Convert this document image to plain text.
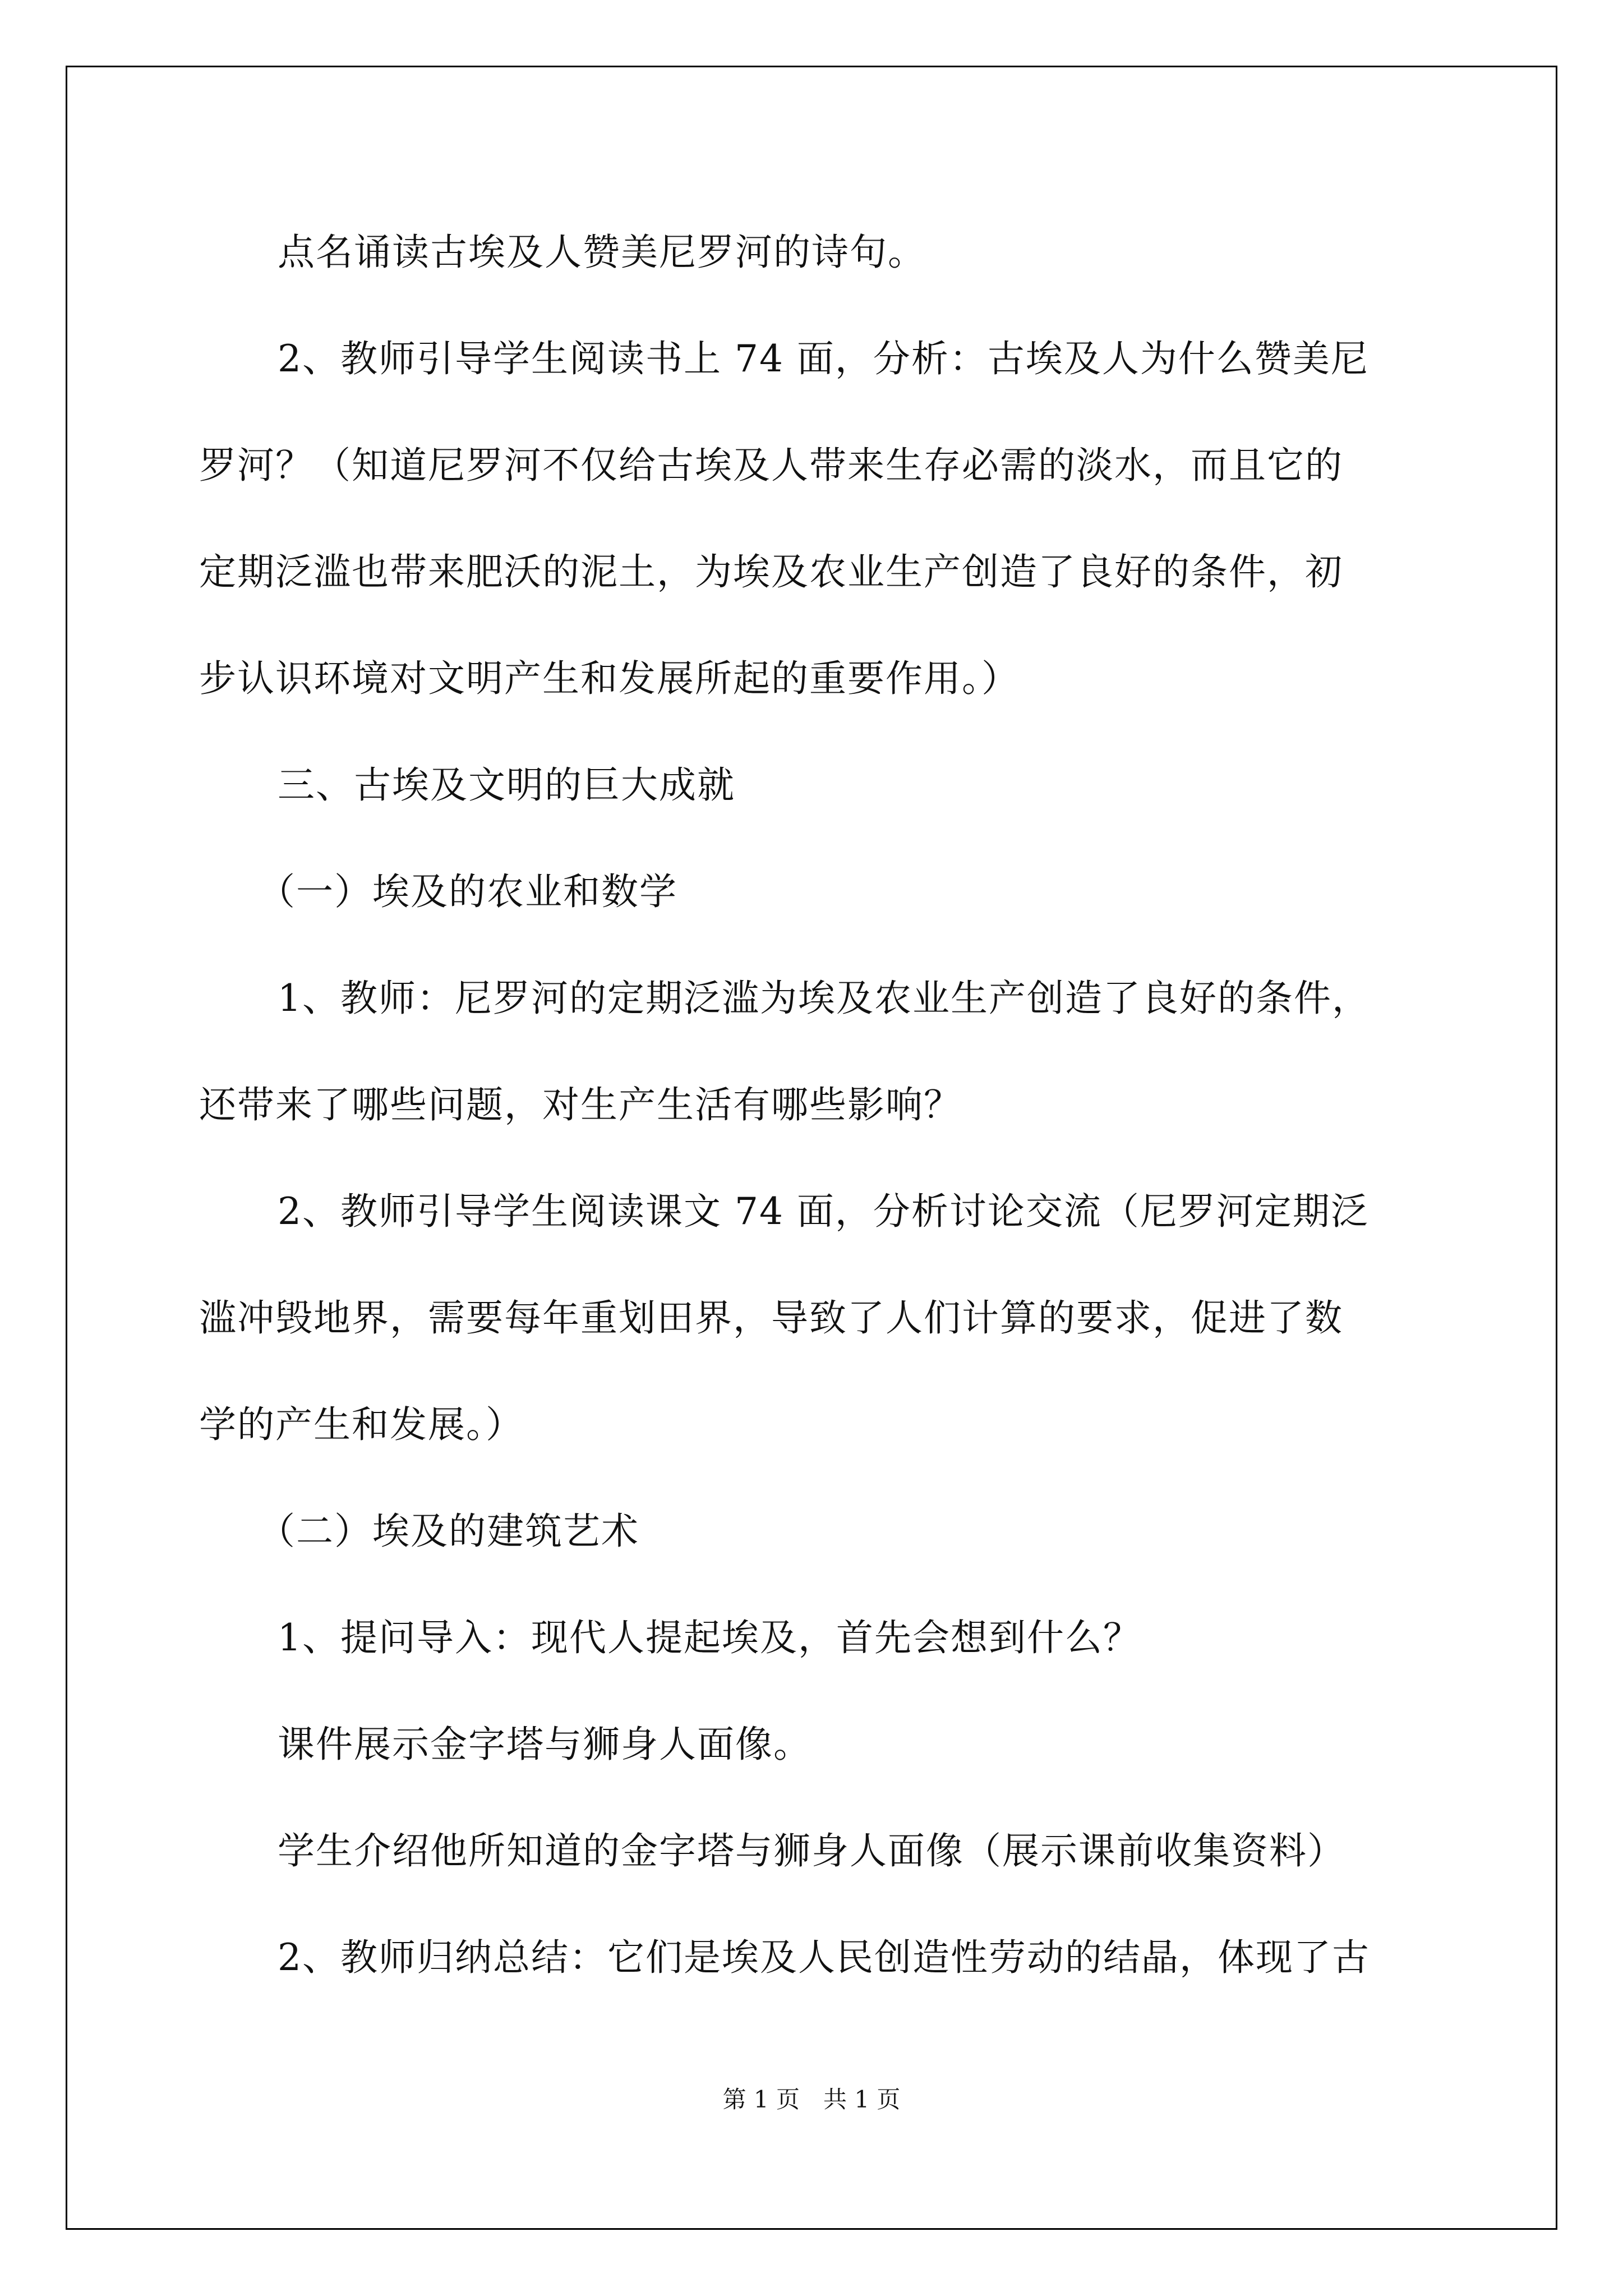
点名诵读古埃及人赞美尼罗河的诗句。
2、教师引导学生阅读书上 74 面，分析：古埃及人为什么赞美尼
罗河？（知道尼罗河不仅给古埃及人带来生存必需的淡水，而且它的
定期泛滥也带来肥沃的泥土，为埃及农业生产创造了良好的条件，初
步认识环境对文明产生和发展所起的重要作用。）
三、古埃及文明的巨大成就
（一）埃及的农业和数学
1、教师：尼罗河的定期泛滥为埃及农业生产创造了良好的条件，
还带来了哪些问题，对生产生活有哪些影响？
2、教师引导学生阅读课文 74 面，分析讨论交流（尼罗河定期泛
滥冲毁地界，需要每年重划田界，导致了人们计算的要求，促进了数
学的产生和发展。）
（二）埃及的建筑艺术
1、提问导入：现代人提起埃及，首先会想到什么？
课件展示金字塔与狮身人面像。
学生介绍他所知道的金字塔与狮身人面像（展示课前收集资料）
2、教师归纳总结：它们是埃及人民创造性劳动的结晶，体现了古
第 1 页　共 1 页
